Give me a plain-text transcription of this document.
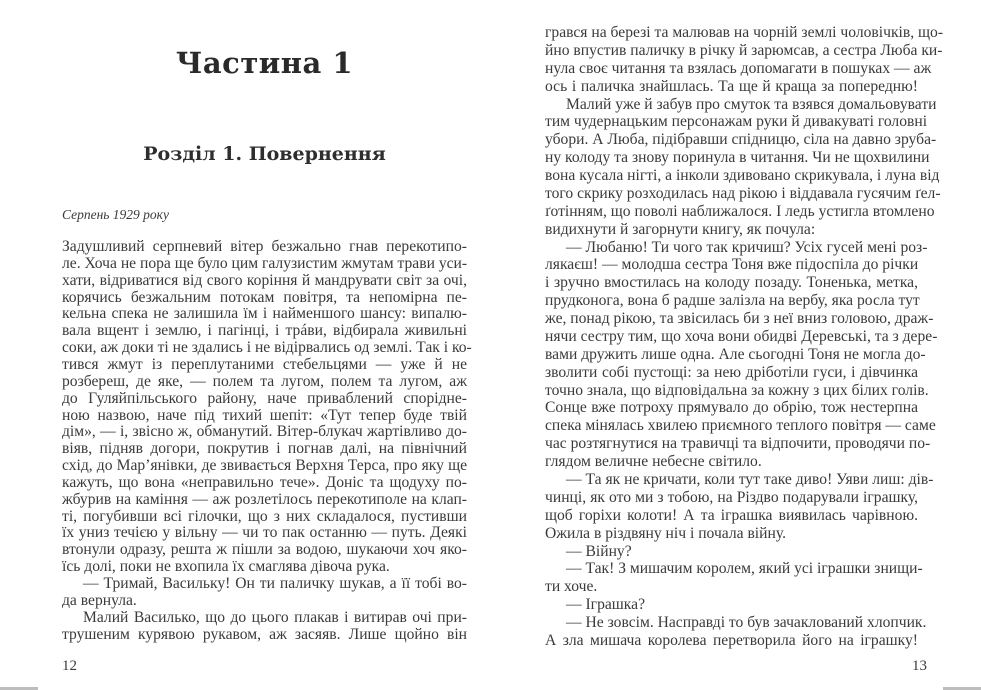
Частина 1
Розділ 1. Повернення
Серпень 1929 року
Задушливий серпневий вітер безжально гнав перекотипо-
ле. Хоча не пора ще було цим галузистим жмутам трави уси-
хати, відриватися від свого коріння й мандрувати світ за очі,
корячись безжальним потокам повітря, та непомірна пе-
кельна спека не залишила їм і найменшого шансу: випалю-
вала вщент і землю, і пагінці, і трáви, відбирала живильні
соки, аж доки ті не здались і не відірвались од землі. Так і ко-
тився жмут із переплутаними стебельцями — уже й не
розбереш, де яке, — полем та лугом, полем та лугом, аж
до Гуляйпільського району, наче приваблений споріднe-
ною назвою, наче під тихий шепіт: «Тут тепер буде твій
дім», — і, звісно ж, обманутий. Вітер-блукач жартівливо до-
віяв, підняв догори, покрутив і погнав далі, на північний
схід, до Мар’янівки, де звивається Верхня Терса, про яку ще
кажуть, що вона «неправильно тече». Доніс та щодуху по-
жбурив на каміння — аж розлетілось перекотиполе на клап-
ті, погубивши всі гілочки, що з них складалося, пустивши
їх униз течією у вільну — чи то пак останню — путь. Деякі
втонули одразу, решта ж пішли за водою, шукаючи хоч яко-
їсь долі, поки не вхопила їх смаглява дівоча рука.
— Тримай, Васильку! Он ти паличку шукав, а її тобі во-
да вернула.
Малий Василько, що до цього плакав і витирав очі при-
трушеним курявою рукавом, аж засяяв. Лише щойно він
12
грався на березі та малював на чорній землі чоловічків, що-
йно впустив паличку в річку й зарюмсав, а сестра Люба ки-
нула своє читання та взялась допомагати в пошуках — аж
ось і паличка знайшлась. Та ще й краща за попередню!
Малий уже й забув про смуток та взявся домальовувати
тим чудернацьким персонажам руки й дивакуваті головні
убори. А Люба, підібравши спідницю, сіла на давно зруба-
ну колоду та знову поринула в читання. Чи не щохвилини
вона кусала нігті, а інколи здивовано скрикувала, і луна від
того скрику розходилась над рікою і віддавала гусячим ґел-
ґотінням, що поволі наближалося. І ледь устигла втомлено
видихнути й загорнути книгу, як почула:
— Любаню! Ти чого так кричиш? Усіх гусей мені роз-
лякаєш! — молодша сестра Тоня вже підоспіла до річки
і зручно вмостилась на колоду позаду. Тоненька, метка,
прудконога, вона б радше залізла на вербу, яка росла тут
же, понад рікою, та звісилась би з неї вниз головою, драж-
нячи сестру тим, що хоча вони обидві Деревські, та з дере-
вами дружить лише одна. Але сьогодні Тоня не могла до-
зволити собі пустощі: за нею дріботіли гуси, і дівчинка
точно знала, що відповідальна за кожну з цих білих голів.
Сонце вже потроху прямувало до обрію, тож нестерпна
спека мінялась хвилею приємного теплого повітря — саме
час розтягнутися на травичці та відпочити, проводячи по-
глядом величне небесне світило.
— Та як не кричати, коли тут таке диво! Уяви лиш: дів-
чинці, як ото ми з тобою, на Різдво подарували іграшку,
щоб горіхи колоти! А та іграшка виявилась чарівною.
Ожила в різдвяну ніч і почала війну.
— Війну?
— Так! З мишачим королем, який усі іграшки знищи-
ти хоче.
— Іграшка?
— Не зовсім. Насправді то був зачаклований хлопчик.
А зла мишача королева перетворила його на іграшку!
13
